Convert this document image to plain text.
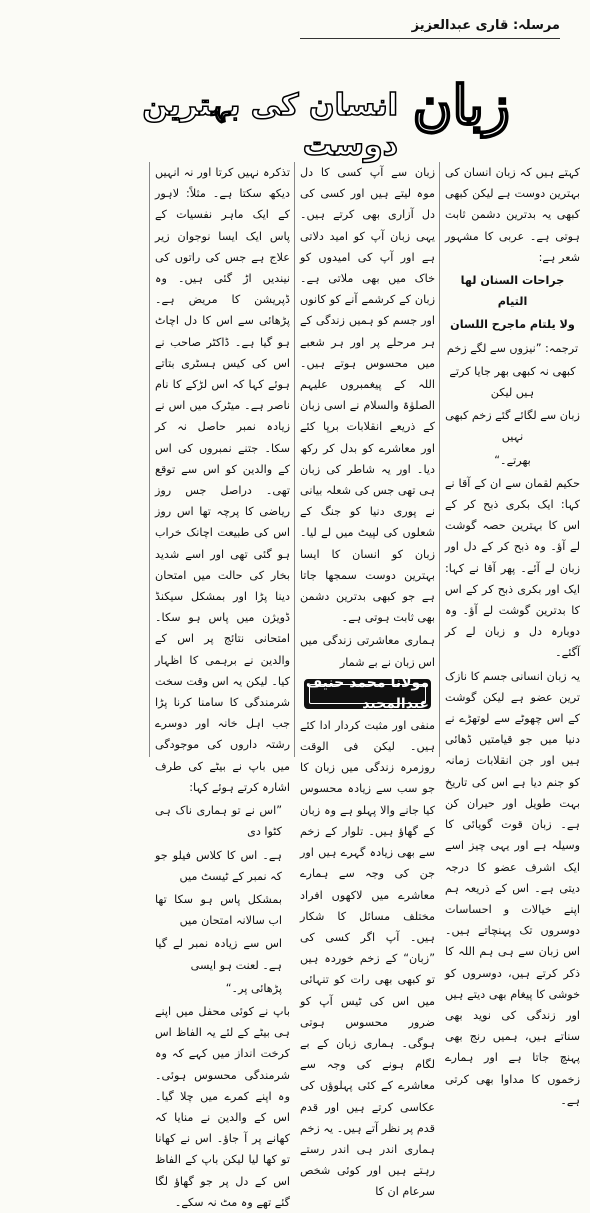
مرسلہ: قاری عبدالعزیز
زبان
انسان کی بہترین دوست

کہتے ہیں کہ زبان انسان کی بہترین دوست ہے لیکن کبھی کبھی یہ بدترین دشمن ثابت ہوتی ہے۔ عربی کا مشہور شعر ہے:

جراحات السنان لھا التیام

ولا یلتام ماجرح اللسان

ترجمہ: ”نیزوں سے لگے زخم

کبھی نہ کبھی بھر جایا کرتے ہیں لیکن

زبان سے لگائے گئے زخم کبھی نہیں

بھرتے۔“

حکیم لقمان سے ان کے آقا نے کہا: ایک بکری ذبح کر کے اس کا بہترین حصہ گوشت لے آؤ۔ وہ ذبح کر کے دل اور زبان لے آئے۔ پھر آقا نے کہا: ایک اور بکری ذبح کر کے اس کا بدترین گوشت لے آؤ۔ وہ دوبارہ دل و زبان لے کر آگئے۔

یہ زبان انسانی جسم کا نازک ترین عضو ہے لیکن گوشت کے اس چھوٹے سے لوتھڑے نے دنیا میں جو قیامتیں ڈھائی ہیں اور جن انقلابات زمانہ کو جنم دیا ہے اس کی تاریخ بہت طویل اور حیران کن ہے۔ زبان قوت گویائی کا وسیلہ ہے اور یہی چیز اسے ایک اشرف عضو کا درجہ دیتی ہے۔ اس کے ذریعہ ہم اپنے خیالات و احساسات دوسروں تک پہنچاتے ہیں۔ اس زبان سے ہی ہم اللہ کا ذکر کرتے ہیں، دوسروں کو خوشی کا پیغام بھی دیتے ہیں اور زندگی کی نوید بھی سناتے ہیں، ہمیں رنج بھی پہنچ جاتا ہے اور ہمارے زخموں کا مداوا بھی کرتی ہے۔

زبان سے آپ کسی کا دل موہ لیتے ہیں اور کسی کی دل آزاری بھی کرتے ہیں۔ یہی زبان آپ کو امید دلاتی ہے اور آپ کی امیدوں کو خاک میں بھی ملاتی ہے۔ زبان کے کرشمے آنے کو کانوں اور جسم کو ہمیں زندگی کے ہر مرحلے پر اور ہر شعبے میں محسوس ہوتے ہیں۔ اللہ کے پیغمبروں علیہم الصلوٰۃ والسلام نے اسی زبان کے ذریعے انقلابات برپا کئے اور معاشرے کو بدل کر رکھ دیا۔ اور یہ شاطر کی زبان ہی تھی جس کی شعلہ بیانی نے پوری دنیا کو جنگ کے شعلوں کی لپیٹ میں لے لیا۔ زبان کو انسان کا ایسا بہترین دوست سمجھا جاتا ہے جو کبھی بدترین دشمن بھی ثابت ہوتی ہے۔

ہماری معاشرتی زندگی میں اس زبان نے بے شمار

مولانا محمد حنیف عبدالمجید

منفی اور مثبت کردار ادا کئے ہیں۔ لیکن فی الوقت روزمرہ زندگی میں زبان کا جو سب سے زیادہ محسوس کیا جانے والا پہلو ہے وہ زبان کے گھاؤ ہیں۔ تلوار کے زخم سے بھی زیادہ گہرے ہیں اور جن کی وجہ سے ہمارے معاشرے میں لاکھوں افراد مختلف مسائل کا شکار ہیں۔ آپ اگر کسی کی ”زبان“ کے زخم خوردہ ہیں تو کبھی بھی رات کو تنہائی میں اس کی ٹیس آپ کو ضرور محسوس ہوتی ہوگی۔ ہماری زبان کے بے لگام ہونے کی وجہ سے معاشرے کے کئی پہلوؤں کی عکاسی کرتے ہیں اور قدم قدم پر نظر آتے ہیں۔ یہ زخم ہماری اندر ہی اندر رستے رہتے ہیں اور کوئی شخص سرعام ان کا

تذکرہ نہیں کرتا اور نہ انہیں دیکھ سکتا ہے۔ مثلاً: لاہور کے ایک ماہر نفسیات کے پاس ایک ایسا نوجوان زیر علاج ہے جس کی راتوں کی نیندیں اڑ گئی ہیں۔ وہ ڈپریشن کا مریض ہے۔ پڑھائی سے اس کا دل اچاٹ ہو گیا ہے۔ ڈاکٹر صاحب نے اس کی کیس ہسٹری بتاتے ہوئے کہا کہ اس لڑکے کا نام ناصر ہے۔ میٹرک میں اس نے زیادہ نمبر حاصل نہ کر سکا۔ جتنے نمبروں کی اس کے والدین کو اس سے توقع تھی۔ دراصل جس روز ریاضی کا پرچہ تھا اس روز اس کی طبیعت اچانک خراب ہو گئی تھی اور اسے شدید بخار کی حالت میں امتحان دینا پڑا اور بمشکل سیکنڈ ڈویژن میں پاس ہو سکا۔ امتحانی نتائج پر اس کے والدین نے برہمی کا اظہار کیا۔ لیکن یہ اس وقت سخت شرمندگی کا سامنا کرنا پڑا جب اہل خانہ اور دوسرے رشتہ داروں کی موجودگی میں باپ نے بیٹے کی طرف اشارہ کرتے ہوئے کہا:

”اس نے تو ہماری ناک ہی کٹوا دی

ہے۔ اس کا کلاس فیلو جو کہ نمبر کے ٹیسٹ میں

بمشکل پاس ہو سکا تھا اب سالانہ امتحان میں

اس سے زیادہ نمبر لے گیا ہے۔ لعنت ہو ایسی

پڑھائی پر۔“

باپ نے کوئی محفل میں اپنے ہی بیٹے کے لئے یہ الفاظ اس کرخت انداز میں کہے کہ وہ شرمندگی محسوس ہوئی۔ وہ اپنے کمرے میں چلا گیا۔ اس کے والدین نے منایا کہ کھانے پر آ جاؤ۔ اس نے کھانا تو کھا لیا لیکن باپ کے الفاظ اس کے دل پر جو گھاؤ لگا گئے تھے وہ مٹ نہ سکے۔
